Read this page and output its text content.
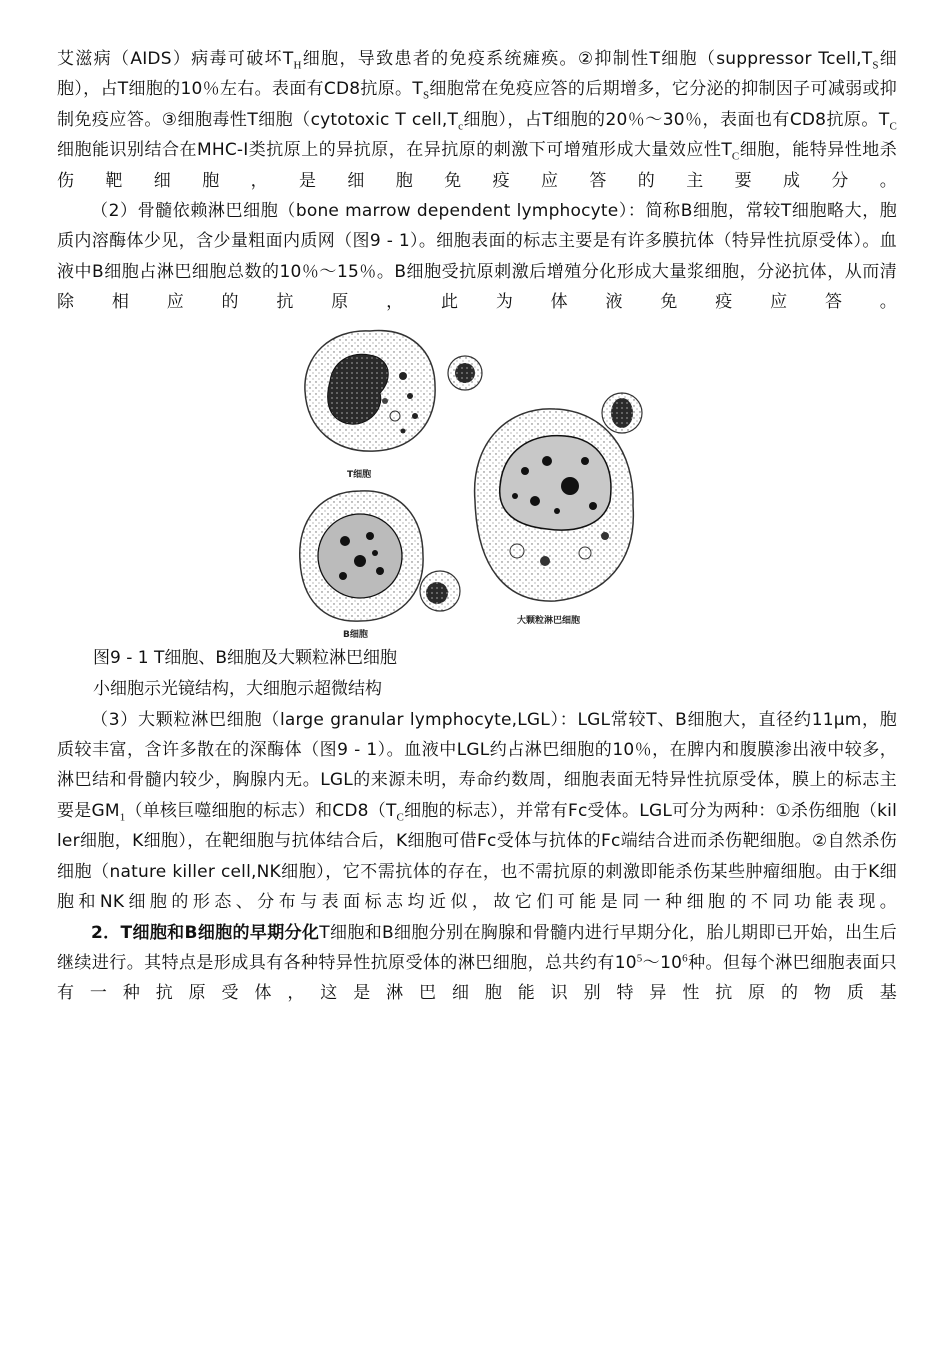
艾滋病（AIDS）病毒可破坏$T_H$细胞，导致患者的免疫系统瘫痪。②抑制性T细胞（suppressor $Tcell,T_S$细胞），占T细胞的10％左右。表面有CD8抗原。$T_S$细胞常在免疫应答的后期增多，它分泌的抑制因子可减弱或抑制免疫应答。③细胞毒性T细胞（cytotoxic T $cell,T_c$细胞），占T细胞的20％～30％，表面也有CD8抗原。$T_C$细胞能识别结合在MHC-I类抗原上的异抗原，在异抗原的刺激下可增殖形成大量效应性$T_C$细胞，能特异性地杀伤靶细胞，是细胞免疫应答的主要成分。

（2）骨髓依赖淋巴细胞（bone marrow dependent lymphocyte）：简称B细胞，常较T细胞略大，胞质内溶酶体少见，含少量粗面内质网（图9 - 1）。细胞表面的标志主要是有许多膜抗体（特异性抗原受体）。血液中B细胞占淋巴细胞总数的10％～15％。B细胞受抗原刺激后增殖分化形成大量浆细胞，分泌抗体，从而清除相应的抗原，此为体液免疫应答。

T细胞
B细胞
大颗粒淋巴细胞
图9 - 1 T细胞、B细胞及大颗粒淋巴细胞
小细胞示光镜结构，大细胞示超微结构

（3）大颗粒淋巴细胞（large granular lymphocyte,LGL）：LGL常较T、B细胞大，直径约11μm，胞质较丰富，含许多散在的深酶体（图9 - 1）。血液中LGL约占淋巴细胞的10％，在脾内和腹膜渗出液中较多，淋巴结和骨髓内较少，胸腺内无。LGL的来源未明，寿命约数周，细胞表面无特异性抗原受体，膜上的标志主要是$GM_1$（单核巨噬细胞的标志）和$CD8(T_C$细胞的标志），并常有Fc受体。LGL可分为两种：①杀伤细胞（killer细胞，K细胞），在靶细胞与抗体结合后，K细胞可借Fc受体与抗体的Fc端结合进而杀伤靶细胞。②自然杀伤细胞（nature killer cell,NK细胞），它不需抗体的存在，也不需抗原的刺激即能杀伤某些肿瘤细胞。由于K细胞和NK细胞的形态、分布与表面标志均近似，故它们可能是同一种细胞的不同功能表现。

2．T细胞和B细胞的早期分化T细胞和B细胞分别在胸腺和骨髓内进行早期分化，胎儿期即已开始，出生后继续进行。其特点是形成具有各种特异性抗原受体的淋巴细胞，总共约有$10^5\sim 10^6$种。但每个淋巴细胞表面只有一种抗原受体，这是淋巴细胞能识别特异性抗原的物质基
